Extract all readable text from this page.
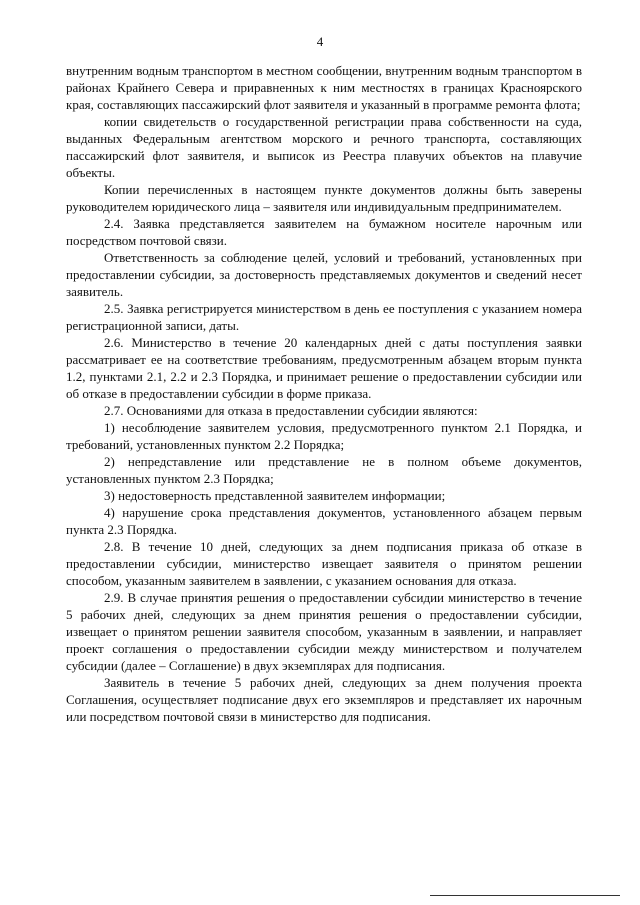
4

внутренним водным транспортом в местном сообщении, внутренним водным транспортом в районах Крайнего Севера и приравненных к ним местностях в границах Красноярского края, составляющих пассажирский флот заявителя и указанный в программе ремонта флота;

копии свидетельств о государственной регистрации права собственности на суда, выданных Федеральным агентством морского и речного транспорта, составляющих пассажирский флот заявителя, и выписок из Реестра плавучих объектов на плавучие объекты.

Копии перечисленных в настоящем пункте документов должны быть заверены руководителем юридического лица – заявителя или индивидуальным предпринимателем.

2.4. Заявка представляется заявителем на бумажном носителе нарочным или посредством почтовой связи.

Ответственность за соблюдение целей, условий и требований, установленных при предоставлении субсидии, за достоверность представляемых документов и сведений несет заявитель.

2.5. Заявка регистрируется министерством в день ее поступления с указанием номера регистрационной записи, даты.

2.6. Министерство в течение 20 календарных дней с даты поступления заявки рассматривает ее на соответствие требованиям, предусмотренным абзацем вторым пункта 1.2, пунктами 2.1, 2.2 и 2.3 Порядка, и принимает решение о предоставлении субсидии или об отказе в предоставлении субсидии в форме приказа.

2.7. Основаниями для отказа в предоставлении субсидии являются:

1) несоблюдение заявителем условия, предусмотренного пунктом 2.1 Порядка, и требований, установленных пунктом 2.2 Порядка;

2) непредставление или представление не в полном объеме документов, установленных пунктом 2.3 Порядка;

3) недостоверность представленной заявителем информации;

4) нарушение срока представления документов, установленного абзацем первым пункта 2.3 Порядка.

2.8. В течение 10 дней, следующих за днем подписания приказа об отказе в предоставлении субсидии, министерство извещает заявителя о принятом решении способом, указанным заявителем в заявлении, с указанием основания для отказа.

2.9. В случае принятия решения о предоставлении субсидии министерство в течение 5 рабочих дней, следующих за днем принятия решения о предоставлении субсидии, извещает о принятом решении заявителя способом, указанным в заявлении, и направляет проект соглашения о предоставлении субсидии между министерством и получателем субсидии (далее – Соглашение) в двух экземплярах для подписания.

Заявитель в течение 5 рабочих дней, следующих за днем получения проекта Соглашения, осуществляет подписание двух его экземпляров и представляет их нарочным или посредством почтовой связи в министерство для подписания.
